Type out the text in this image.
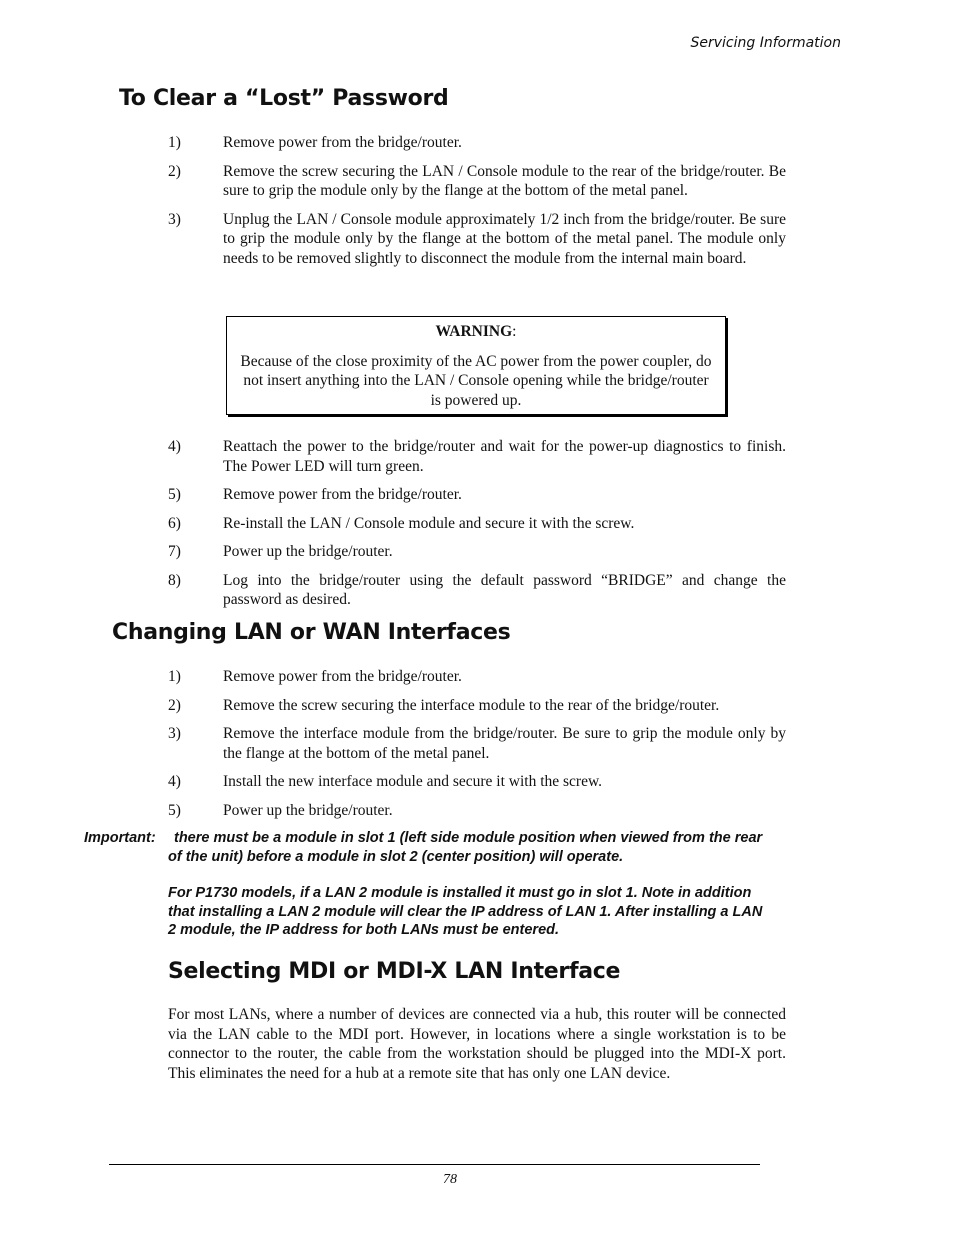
Servicing Information
To Clear a “Lost” Password
1)	Remove power from the bridge/router.
2)	Remove the screw securing the LAN / Console module to the rear of the bridge/router. Be sure to grip the module only by the flange at the bottom of the metal panel.
3)	Unplug the LAN / Console module approximately 1/2 inch from the bridge/router. Be sure to grip the module only by the flange at the bottom of the metal panel. The module only needs to be removed slightly to disconnect the module from the internal main board.
WARNING:
Because of the close proximity of the AC power from the power coupler, do not insert anything into the LAN / Console opening while the bridge/router is powered up.
4)	Reattach the power to the bridge/router and wait for the power-up diagnostics to finish. The Power LED will turn green.
5)	Remove power from the bridge/router.
6)	Re-install the LAN / Console module and secure it with the screw.
7)	Power up the bridge/router.
8)	Log into the bridge/router using the default password “BRIDGE” and change the password as desired.
Changing LAN or WAN Interfaces
1)	Remove power from the bridge/router.
2)	Remove the screw securing the interface module to the rear of the bridge/router.
3)	Remove the interface module from the bridge/router. Be sure to grip the module only by the flange at the bottom of the metal panel.
4)	Install the new interface module and secure it with the screw.
5)	Power up the bridge/router.
Important:	there must be a module in slot 1 (left side module position when viewed from the rear of the unit) before a module in slot 2 (center position) will operate.
For P1730 models, if a LAN 2 module is installed it must go in slot 1. Note in addition that installing a LAN 2 module will clear the IP address of LAN 1. After installing a LAN 2 module, the IP address for both LANs must be entered.
Selecting MDI or MDI-X LAN Interface

For most LANs, where a number of devices are connected via a hub, this router will be connected via the LAN cable to the MDI port. However, in locations where a single workstation is to be connector to the router, the cable from the workstation should be plugged into the MDI-X port. This eliminates the need for a hub at a remote site that has only one LAN device.

78
